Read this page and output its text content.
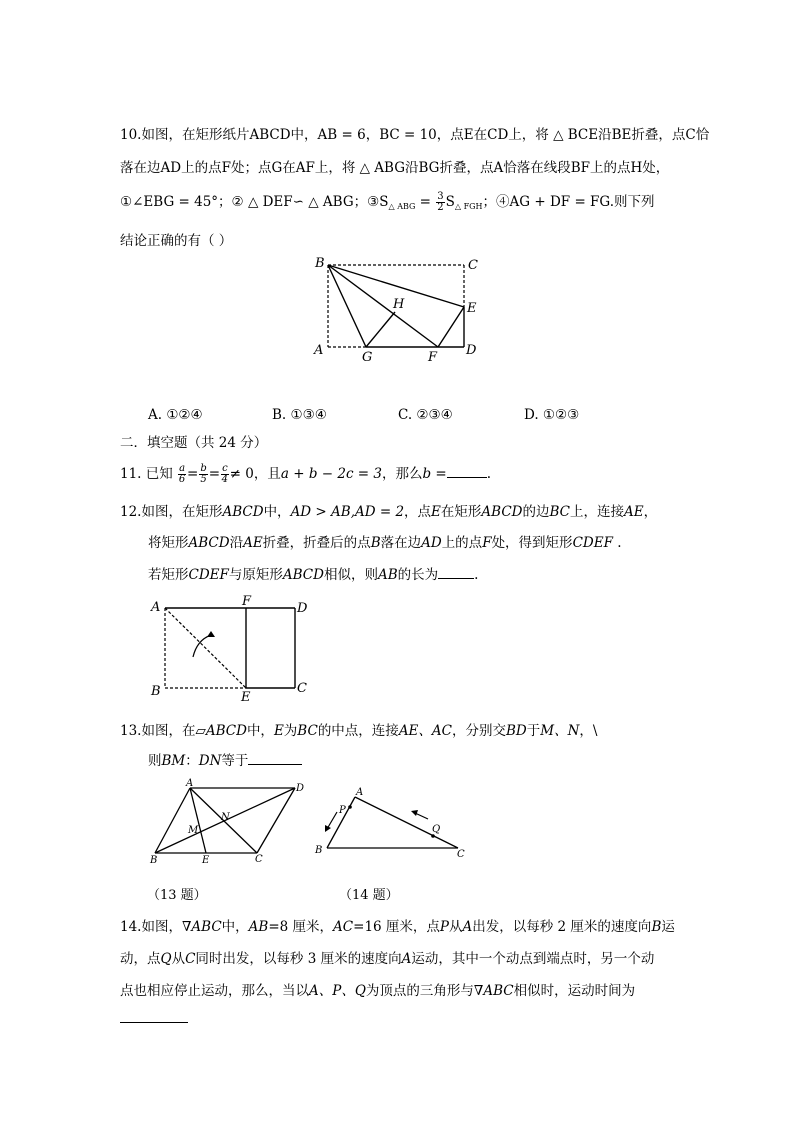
10.如图，在矩形纸片ABCD中，AB = 6，BC = 10，点E在CD上，将 △ BCE沿BE折叠，点C恰
落在边AD上的点F处；点G在AF上，将 △ ABG沿BG折叠，点A恰落在线段BF上的点H处，
①∠EBG = 45°；② △ DEF∽ △ ABG；$③S_{\triangle ABG} = \frac{3}{2} S_{\triangle FGH}$；④AG + DF = FG.则下列
结论正确的有（ ）
B	C
H	E
A	G	F D
A. ①②④	B. ①③④	C. ②③④	D. ①②③
二．填空题（共 24 分）
11. 已知 $\frac{a}{6} = \frac{b}{5} = \frac{c}{4} \ne 0$，且a + b − 2c = 3，那么b =	.
12.如图，在矩形ABCD中，AD > AB,AD = 2，点E在矩形ABCD的边BC上，连接AE，
将矩形ABCD沿AE折叠，折叠后的点B落在边AD上的点F处，得到矩形CDEF .
若矩形CDEF与原矩形ABCD相似，则AB的长为	.
A	F	D
B	E
C
13.如图，在▱ABCD中，E为BC的中点，连接AE、AC，分别交BD于M、N，\
则BM：DN等于
A	D
N
M
B	E	C
A
P
Q
B	C
（13 题）	（14 题）
14.如图，∇ABC中，AB=8 厘米，AC=16 厘米，点P从A出发，以每秒 2 厘米的速度向B运
动，点Q从C同时出发，以每秒 3 厘米的速度向A运动，其中一个动点到端点时，另一个动
点也相应停止运动，那么，当以A、P、Q为顶点的三角形与∇ABC相似时，运动时间为
